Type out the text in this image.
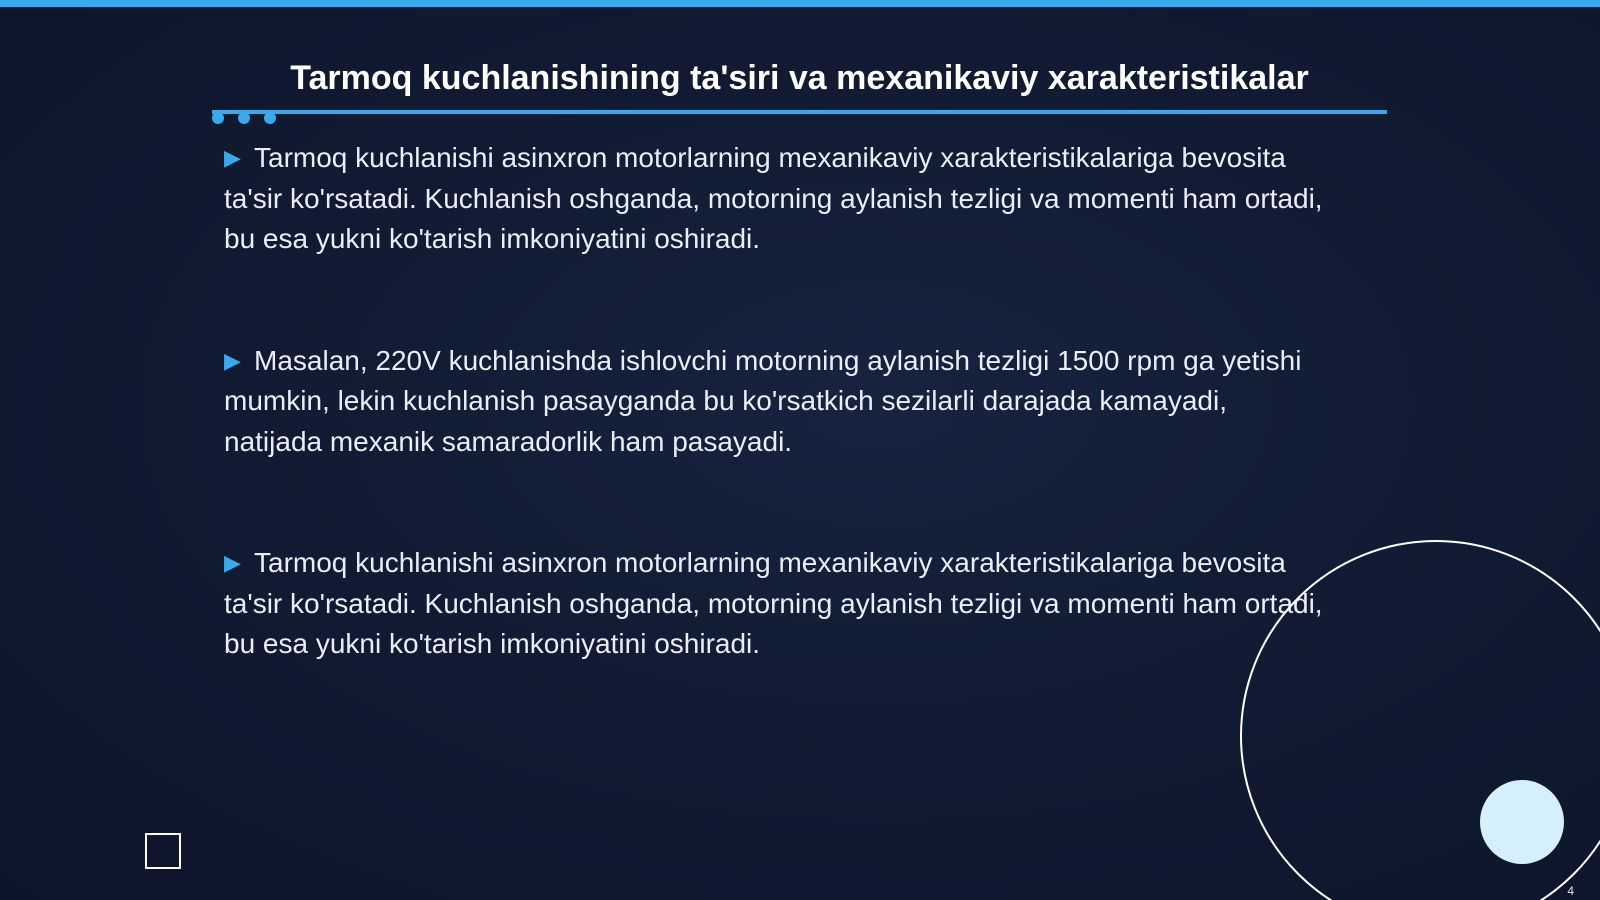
Tarmoq kuchlanishining ta'siri va mexanikaviy xarakteristikalar

▶ Tarmoq kuchlanishi asinxron motorlarning mexanikaviy xarakteristikalariga bevosita ta'sir ko'rsatadi. Kuchlanish oshganda, motorning aylanish tezligi va momenti ham ortadi, bu esa yukni ko'tarish imkoniyatini oshiradi.

▶ Masalan, 220V kuchlanishda ishlovchi motorning aylanish tezligi 1500 rpm ga yetishi mumkin, lekin kuchlanish pasayganda bu ko'rsatkich sezilarli darajada kamayadi, natijada mexanik samaradorlik ham pasayadi.

▶ Tarmoq kuchlanishi asinxron motorlarning mexanikaviy xarakteristikalariga bevosita ta'sir ko'rsatadi. Kuchlanish oshganda, motorning aylanish tezligi va momenti ham ortadi, bu esa yukni ko'tarish imkoniyatini oshiradi.

4
